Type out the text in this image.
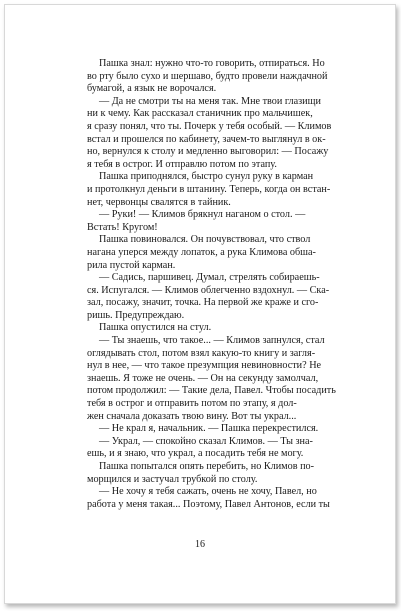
Пашка знал: нужно что-то говорить, отпираться. Но
во рту было сухо и шершаво, будто провели наждачной
бумагой, а язык не ворочался.
— Да не смотри ты на меня так. Мне твои глазищи
ни к чему. Как рассказал станичник про мальчишек,
я сразу понял, что ты. Почерк у тебя особый. — Климов
встал и прошелся по кабинету, зачем-то выглянул в ок-
но, вернулся к столу и медленно выговорил: — Посажу
я тебя в острог. И отправлю потом по этапу.
Пашка приподнялся, быстро сунул руку в карман
и протолкнул деньги в штанину. Теперь, когда он встан-
нет, червонцы свалятся в тайник.
— Руки! — Климов брякнул наганом о стол. —
Встать! Кругом!
Пашка повиновался. Он почувствовал, что ствол
нагана уперся между лопаток, а рука Климова обша-
рила пустой карман.
— Садись, паршивец. Думал, стрелять собираешь-
ся. Испугался. — Климов облегченно вздохнул. — Ска-
зал, посажу, значит, точка. На первой же краже и сго-
ришь. Предупреждаю.
Пашка опустился на стул.
— Ты знаешь, что такое... — Климов запнулся, стал
оглядывать стол, потом взял какую-то книгу и загля-
нул в нее, — что такое презумпция невиновности? Не
знаешь. Я тоже не очень. — Он на секунду замолчал,
потом продолжил: — Такие дела, Павел. Чтобы посадить
тебя в острог и отправить потом по этапу, я дол-
жен сначала доказать твою вину. Вот ты украл...
— Не крал я, начальник. — Пашка перекрестился.
— Украл, — спокойно сказал Климов. — Ты зна-
ешь, и я знаю, что украл, а посадить тебя не могу.
Пашка попытался опять перебить, но Климов по-
морщился и застучал трубкой по столу.
— Не хочу я тебя сажать, очень не хочу, Павел, но
работа у меня такая... Поэтому, Павел Антонов, если ты
16
